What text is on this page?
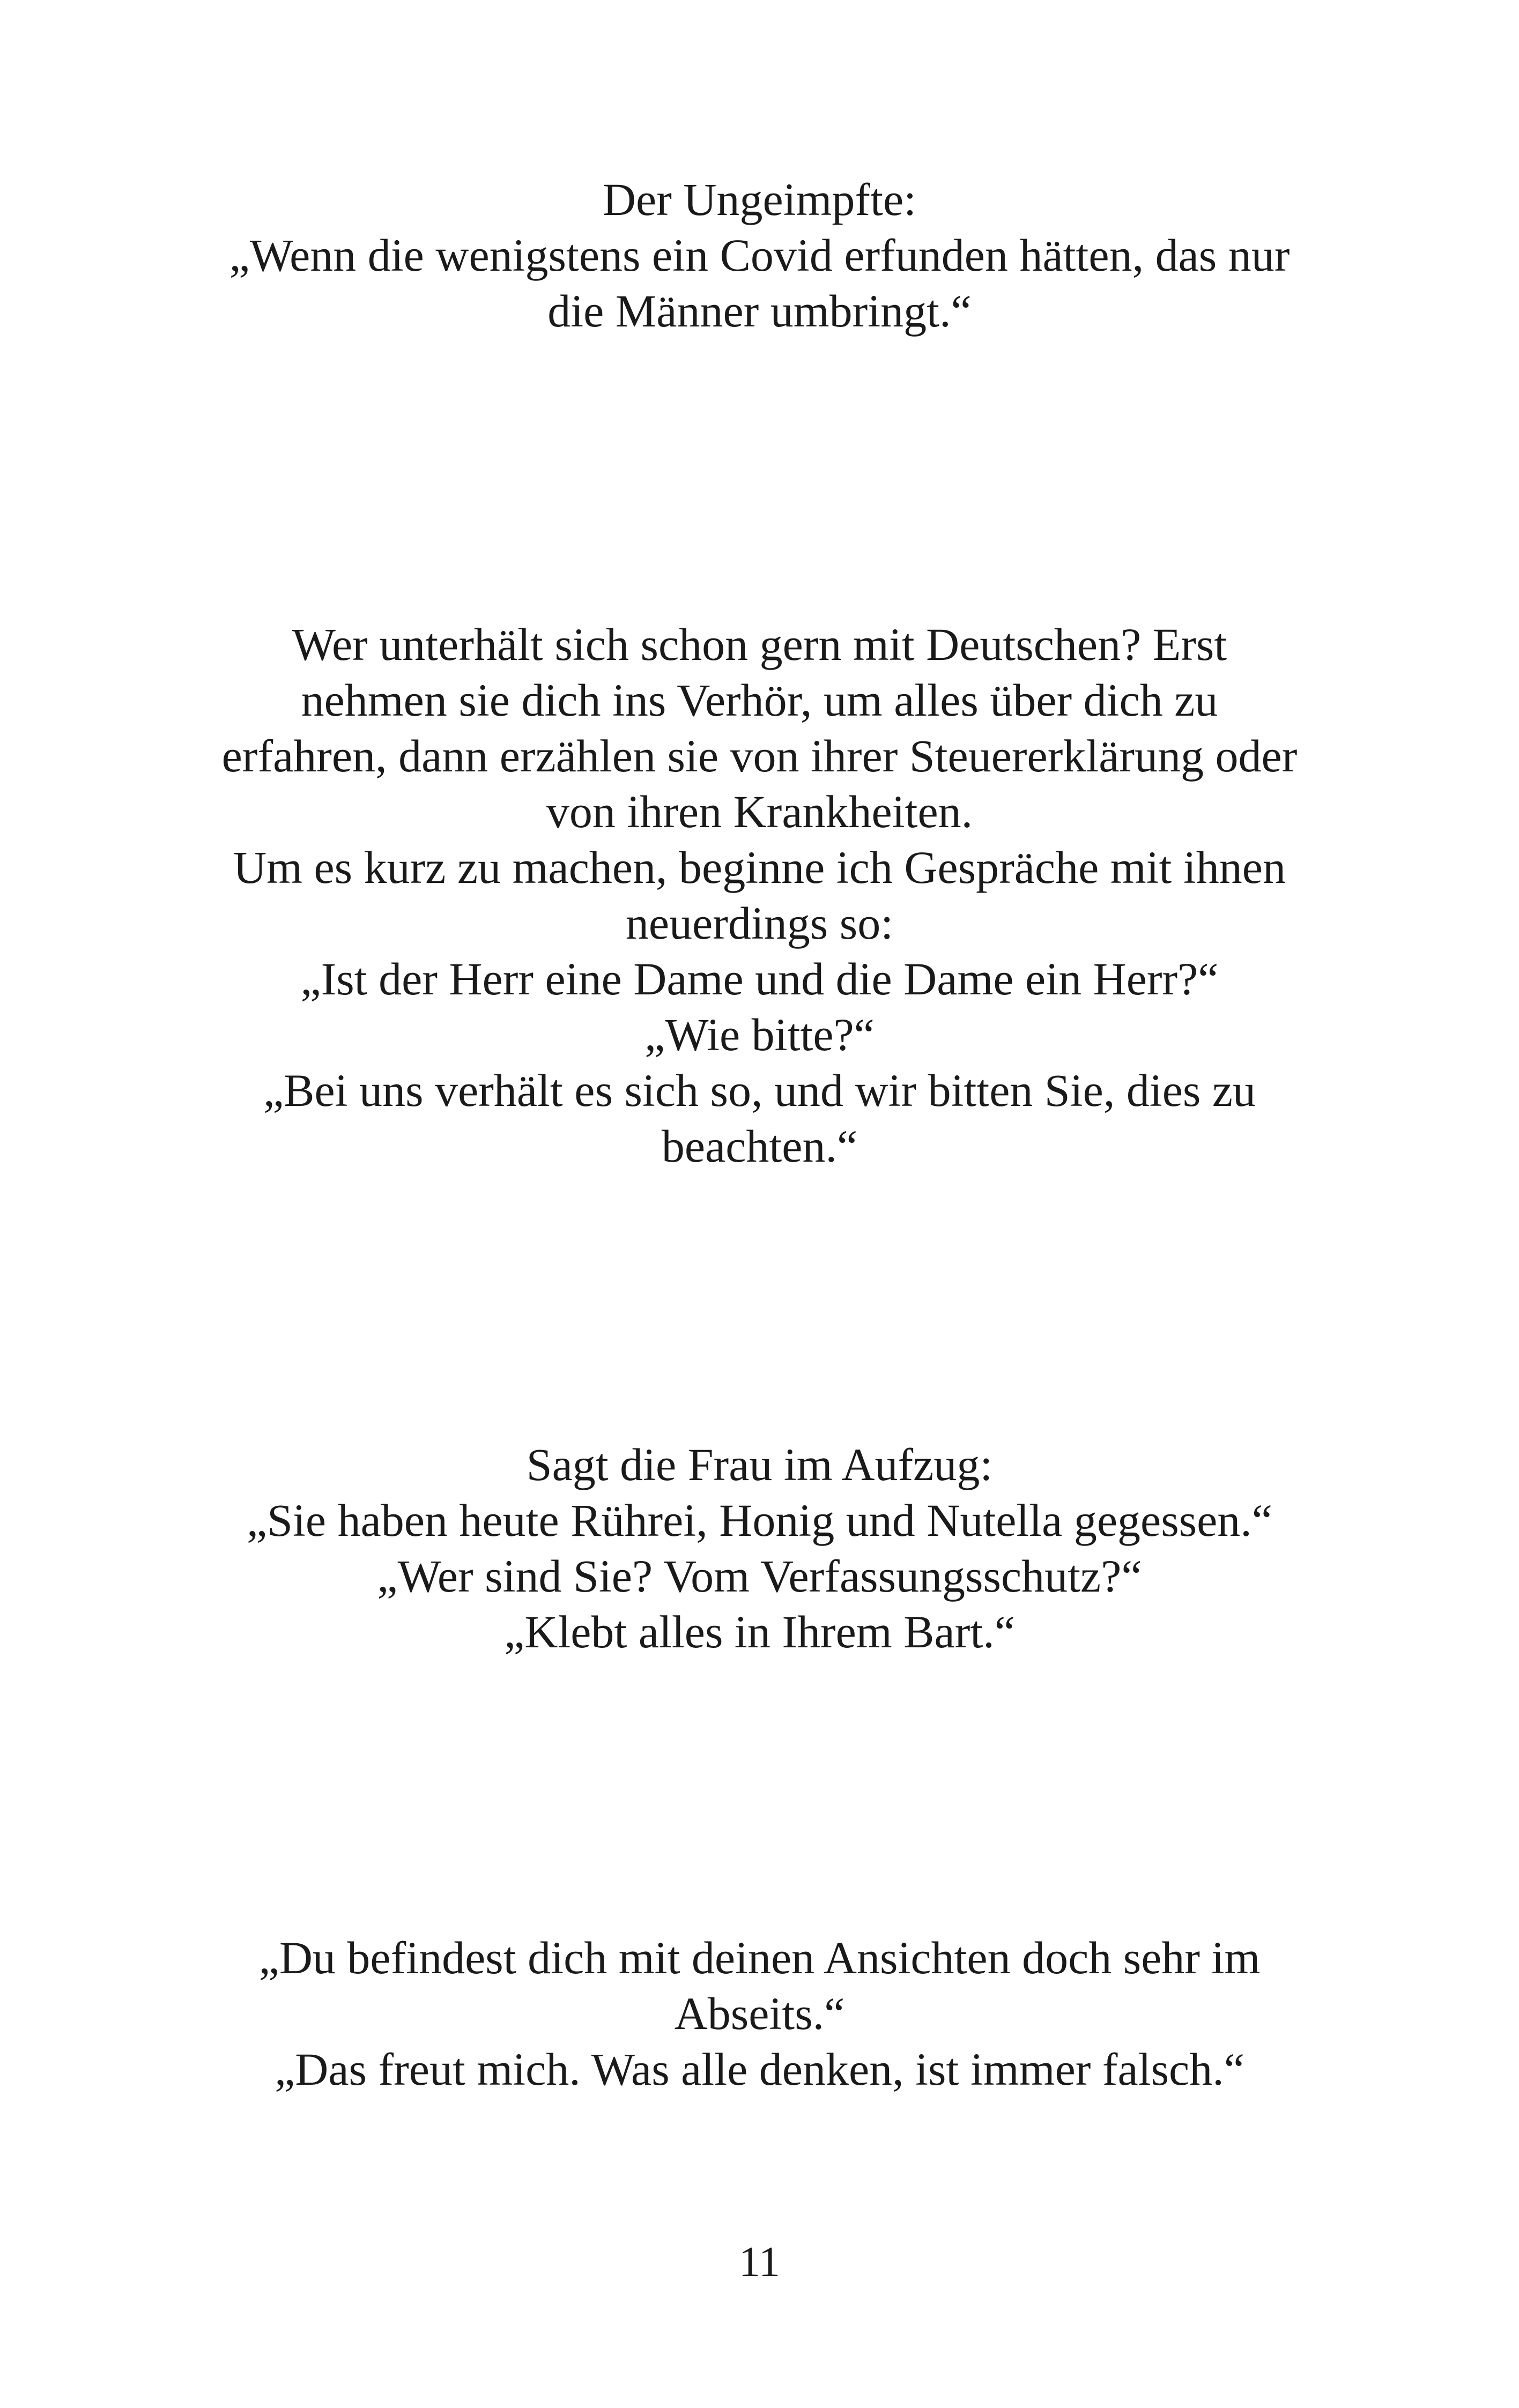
Der Ungeimpfte:
„Wenn die wenigstens ein Covid erfunden hätten, das nur
die Männer umbringt.“
Wer unterhält sich schon gern mit Deutschen? Erst
nehmen sie dich ins Verhör, um alles über dich zu
erfahren, dann erzählen sie von ihrer Steuererklärung oder
von ihren Krankheiten.
Um es kurz zu machen, beginne ich Gespräche mit ihnen
neuerdings so:
„Ist der Herr eine Dame und die Dame ein Herr?“
„Wie bitte?“
„Bei uns verhält es sich so, und wir bitten Sie, dies zu
beachten.“
Sagt die Frau im Aufzug:
„Sie haben heute Rührei, Honig und Nutella gegessen.“
„Wer sind Sie? Vom Verfassungsschutz?“
„Klebt alles in Ihrem Bart.“
„Du befindest dich mit deinen Ansichten doch sehr im
Abseits.“
„Das freut mich. Was alle denken, ist immer falsch.“
11
